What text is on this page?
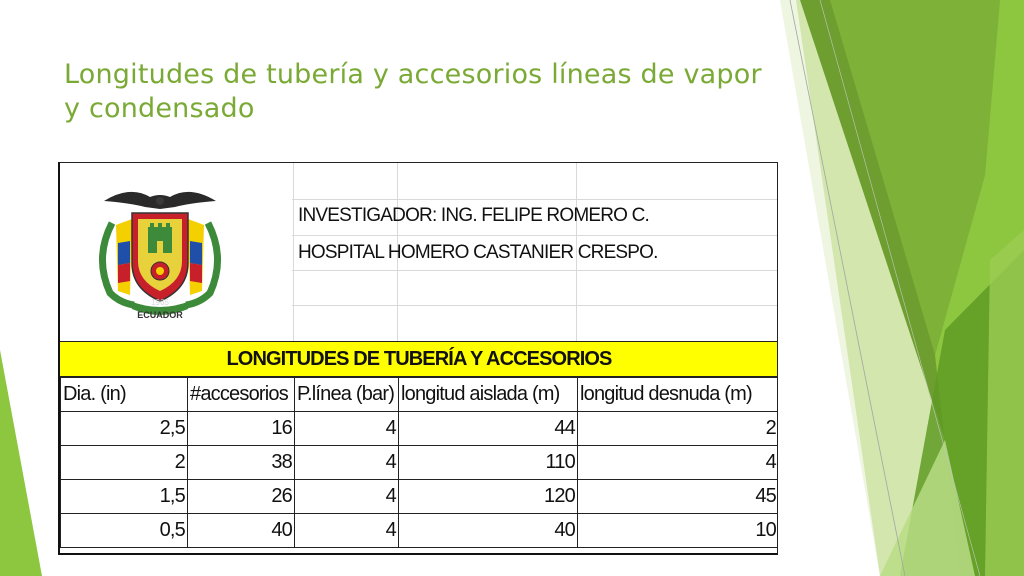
Longitudes de tubería y accesorios líneas de vapor y condensado
1965
ECUADOR
INVESTIGADOR: ING. FELIPE ROMERO C.
HOSPITAL HOMERO CASTANIER CRESPO.
LONGITUDES DE TUBERÍA Y ACCESORIOS
Dia. (in)	#accesorios	P.línea (bar)	longitud aislada (m)	longitud desnuda (m)
2,5	16	4	44	2
2	38	4	110	4
1,5	26	4	120	45
0,5	40	4	40	10
